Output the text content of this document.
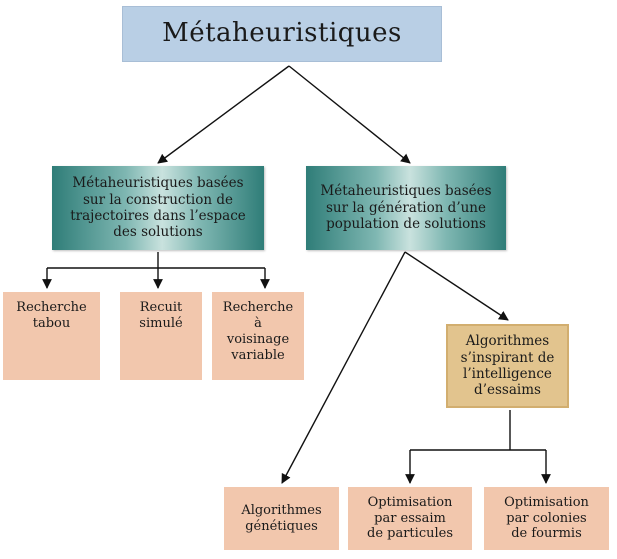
Métaheuristiques
Métaheuristiques basées
sur la construction de
trajectoires dans l’espace
des solutions
Métaheuristiques basées
sur la génération d’une
population de solutions
Recherche
tabou
Recuit
simulé
Recherche
à
voisinage
variable
Algorithmes
s’inspirant de
l’intelligence
d’essaims
Algorithmes
génétiques
Optimisation
par essaim
de particules
Optimisation
par colonies
de fourmis
